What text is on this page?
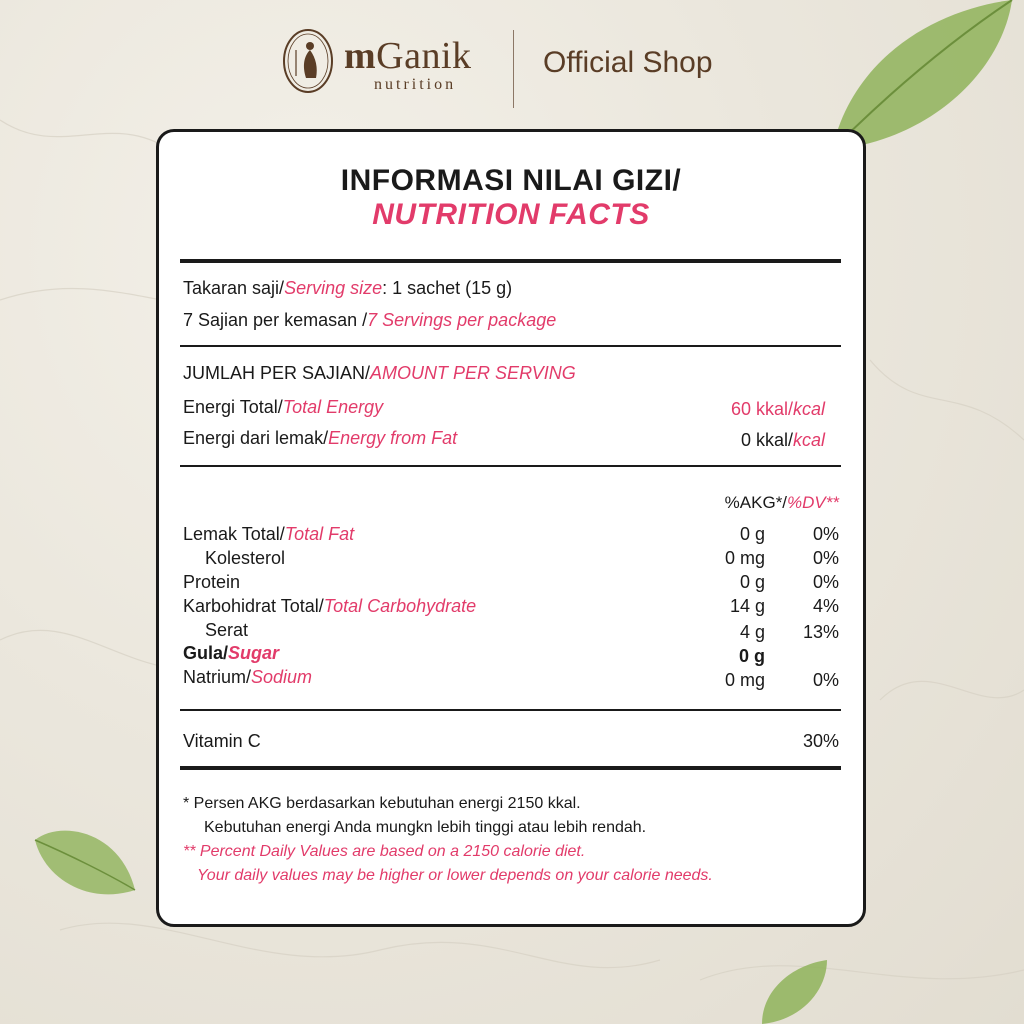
mGanik
nutrition
Official Shop
INFORMASI NILAI GIZI/
NUTRITION FACTS
Takaran saji/Serving size: 1 sachet (15 g)
7 Sajian per kemasan /7 Servings per package
JUMLAH PER SAJIAN/AMOUNT PER SERVING
Energi Total/Total Energy	60 kkal/kcal
Energi dari lemak/Energy from Fat	0 kkal/kcal
%AKG*/%DV**
Lemak Total/Total Fat	0 g	0%
Kolesterol	0 mg	0%
Protein	0 g	0%
Karbohidrat Total/Total Carbohydrate	14 g	4%
Serat	4 g	13%
Gula/Sugar	0 g
Natrium/Sodium	0 mg	0%
Vitamin C	30%
* Persen AKG berdasarkan kebutuhan energi 2150 kkal.
Kebutuhan energi Anda mungkn lebih tinggi atau lebih rendah.
** Percent Daily Values are based on a 2150 calorie diet.
Your daily values may be higher or lower depends on your calorie needs.
